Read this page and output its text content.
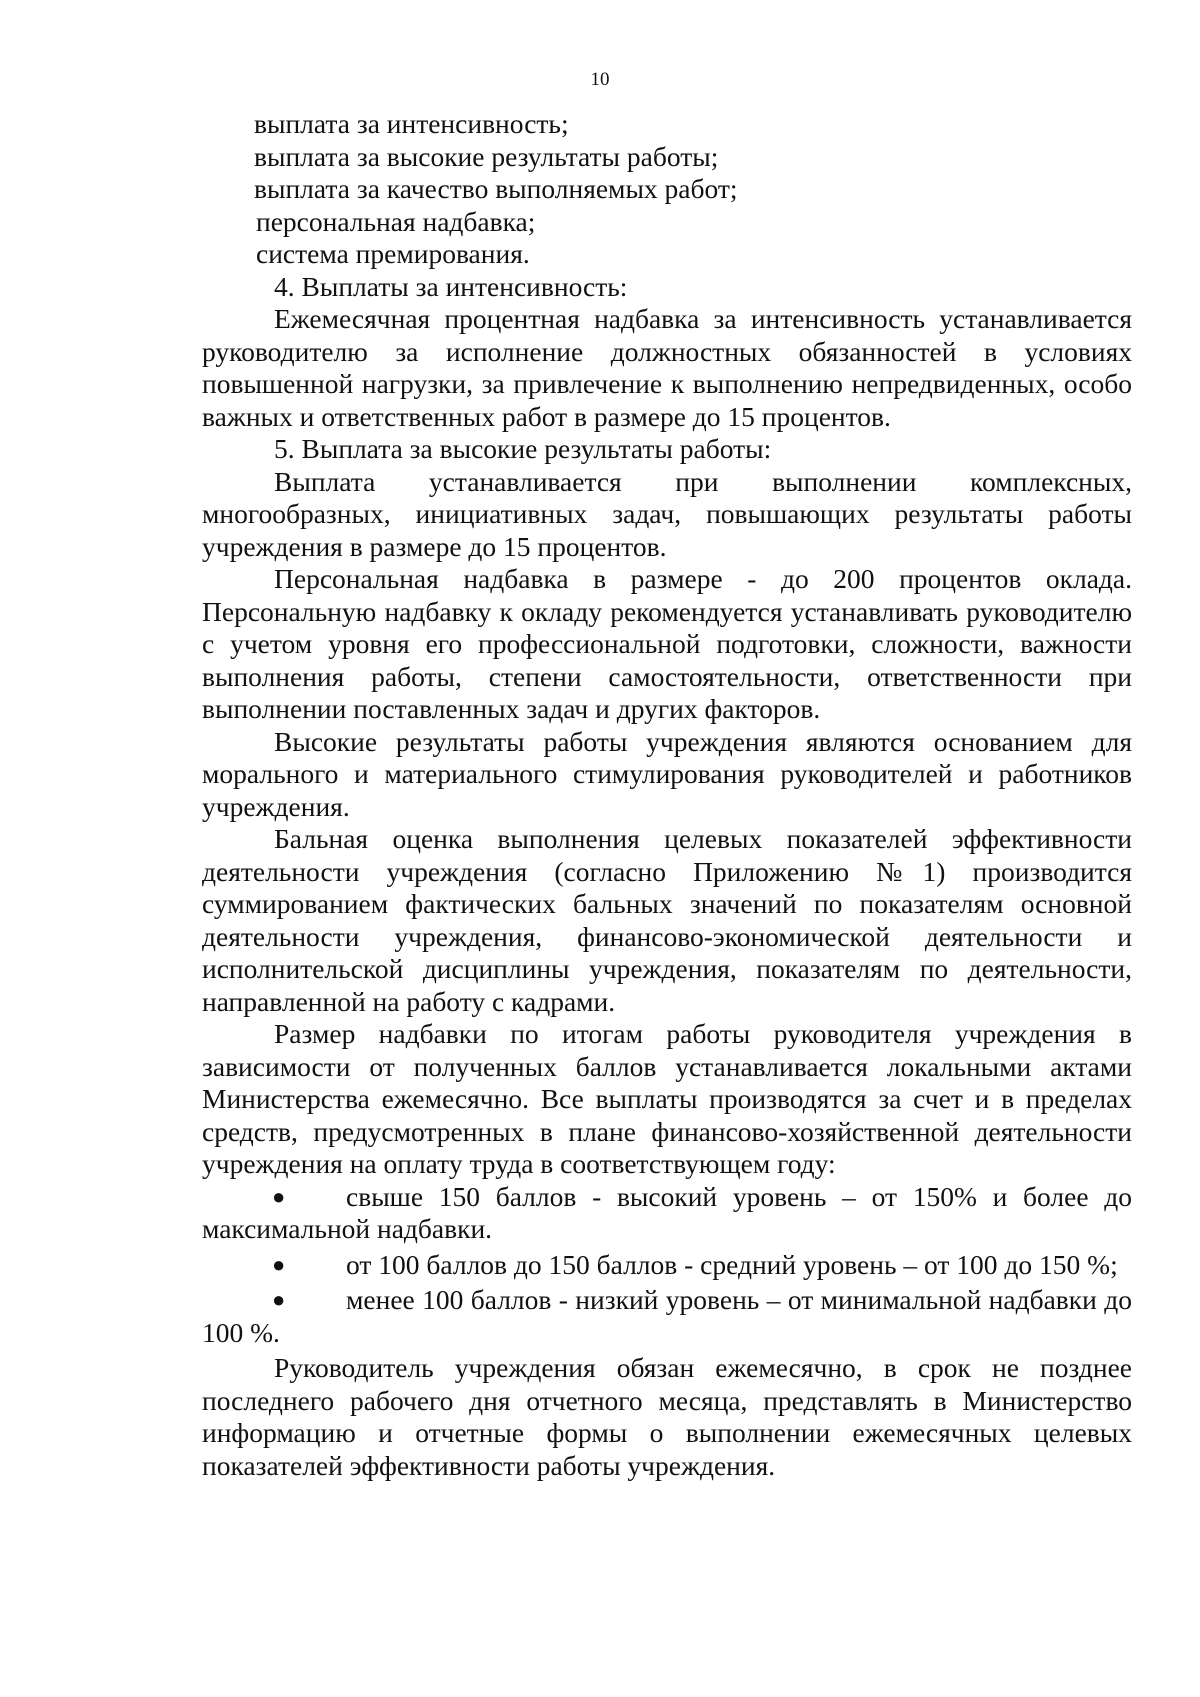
10
выплата за интенсивность;
выплата за высокие результаты работы;
выплата за качество выполняемых работ;
персональная надбавка;
система премирования.
4. Выплаты за интенсивность:

Ежемесячная процентная надбавка за интенсивность устанавливается руководителю за исполнение должностных обязанностей в условиях повышенной нагрузки, за привлечение к выполнению непредвиденных, особо важных и ответственных работ в размере до 15 процентов.

5. Выплата за высокие результаты работы:

Выплата устанавливается при выполнении комплексных, многообразных, инициативных задач, повышающих результаты работы учреждения в размере до 15 процентов.

Персональная надбавка в размере - до 200 процентов оклада. Персональную надбавку к окладу рекомендуется устанавливать руководителю с учетом уровня его профессиональной подготовки, сложности, важности выполнения работы, степени самостоятельности, ответственности при выполнении поставленных задач и других факторов.

Высокие результаты работы учреждения являются основанием для морального и материального стимулирования руководителей и работников учреждения.

Бальная оценка выполнения целевых показателей эффективности деятельности учреждения (согласно Приложению №1) производится суммированием фактических бальных значений по показателям основной деятельности учреждения, финансово-экономической деятельности и исполнительской дисциплины учреждения, показателям по деятельности, направленной на работу с кадрами.

Размер надбавки по итогам работы руководителя учреждения в зависимости от полученных баллов устанавливается локальными актами Министерства ежемесячно. Все выплаты производятся за счет и в пределах средств, предусмотренных в плане финансово-хозяйственной деятельности учреждения на оплату труда в соответствующем году:

● свыше 150 баллов - высокий уровень – от 150% и более до максимальной надбавки.
● от 100 баллов до 150 баллов - средний уровень – от 100 до 150 %;
● менее 100 баллов - низкий уровень – от минимальной надбавки до 100 %.

Руководитель учреждения обязан ежемесячно, в срок не позднее последнего рабочего дня отчетного месяца, представлять в Министерство информацию и отчетные формы о выполнении ежемесячных целевых показателей эффективности работы учреждения.
